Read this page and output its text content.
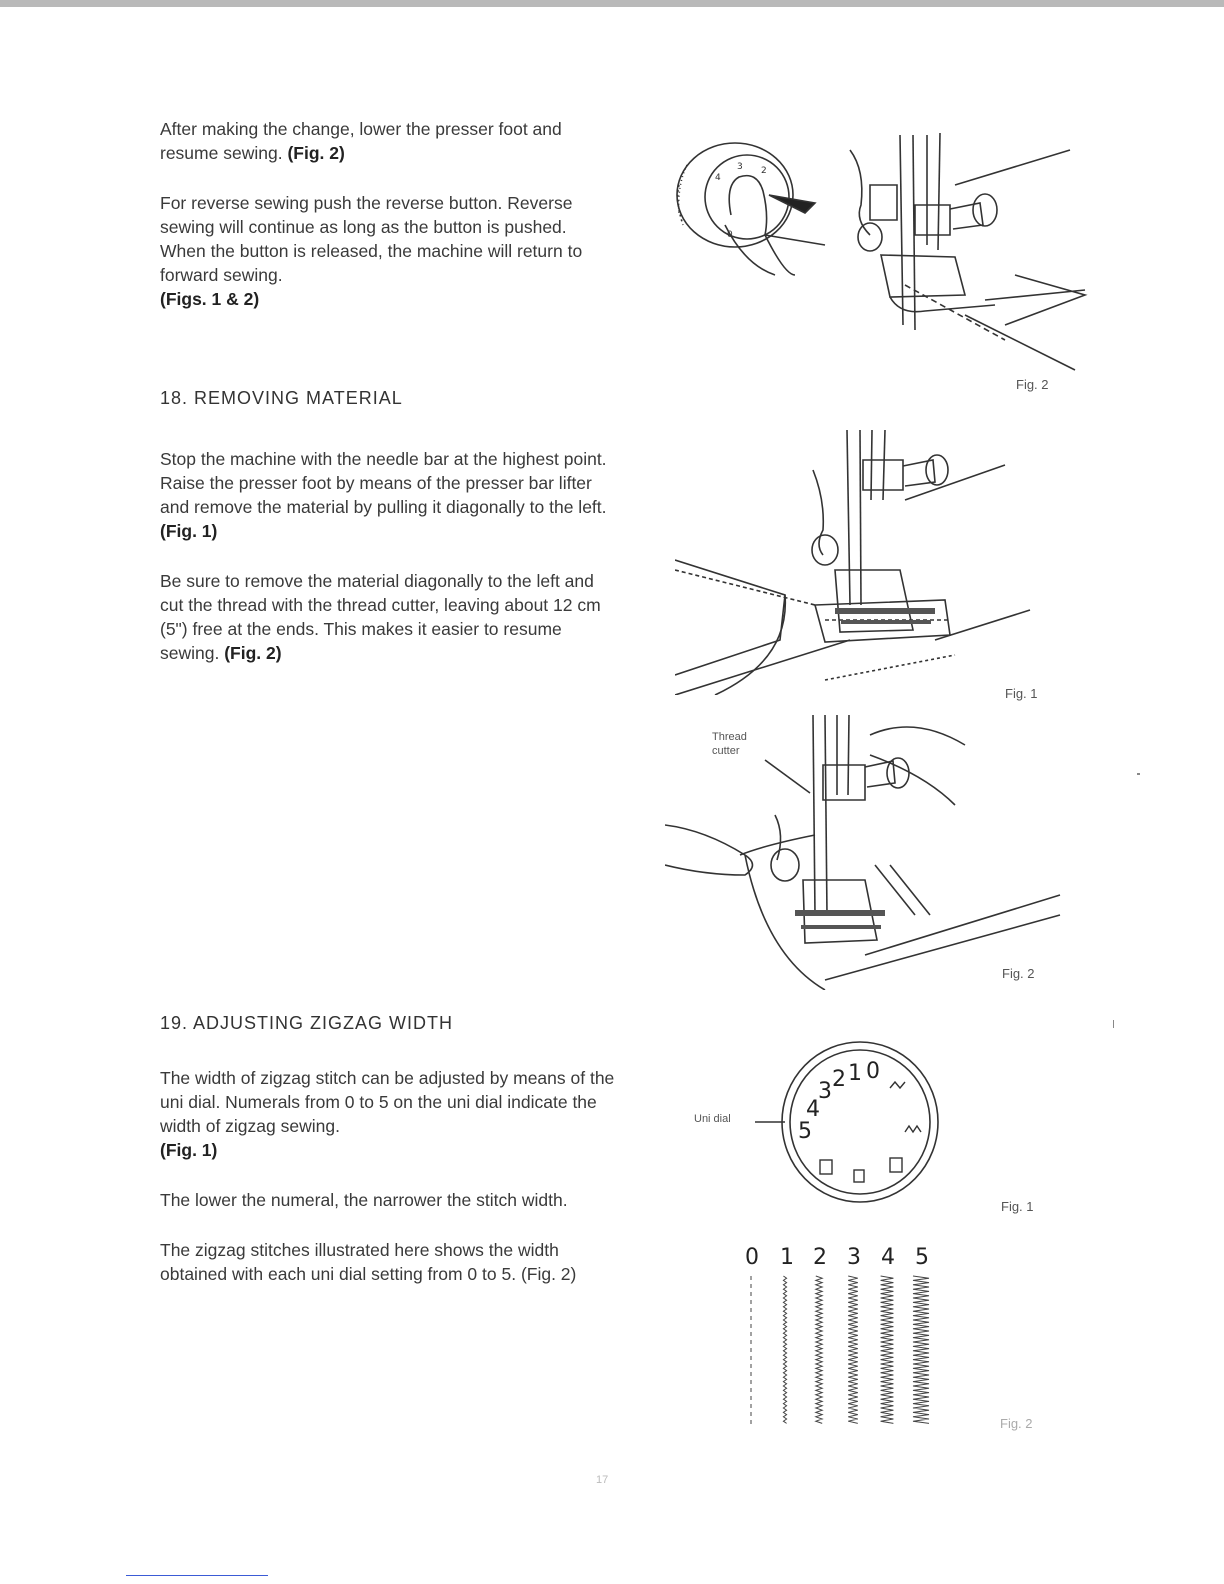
After making the change, lower the presser foot and resume sewing. (Fig. 2)

For reverse sewing push the reverse button. Reverse sewing will continue as long as the button is pushed. When the button is released, the machine will return to forward sewing.
(Figs. 1 & 2)

18. REMOVING MATERIAL

Stop the machine with the needle bar at the highest point. Raise the presser foot by means of the presser bar lifter and remove the material by pulling it diagonally to the left. (Fig. 1)

Be sure to remove the material diagonally to the left and cut the thread with the thread cutter, leaving about 12 cm (5") free at the ends. This makes it easier to resume sewing. (Fig. 2)

19. ADJUSTING ZIGZAG WIDTH

The width of zigzag stitch can be adjusted by means of the uni dial. Numerals from 0 to 5 on the uni dial indicate the width of zigzag sewing.
(Fig. 1)

The lower the numeral, the narrower the stitch width.

The zigzag stitches illustrated here shows the width obtained with each uni dial setting from 0 to 5. (Fig. 2)

4
3 2
0
Fig. 2
Fig. 1
Thread
cutter
Fig. 2
Uni dial	5
4
3 2 1 0
Fig. 1
0 1 2 3 4 5
Fig. 2
17
